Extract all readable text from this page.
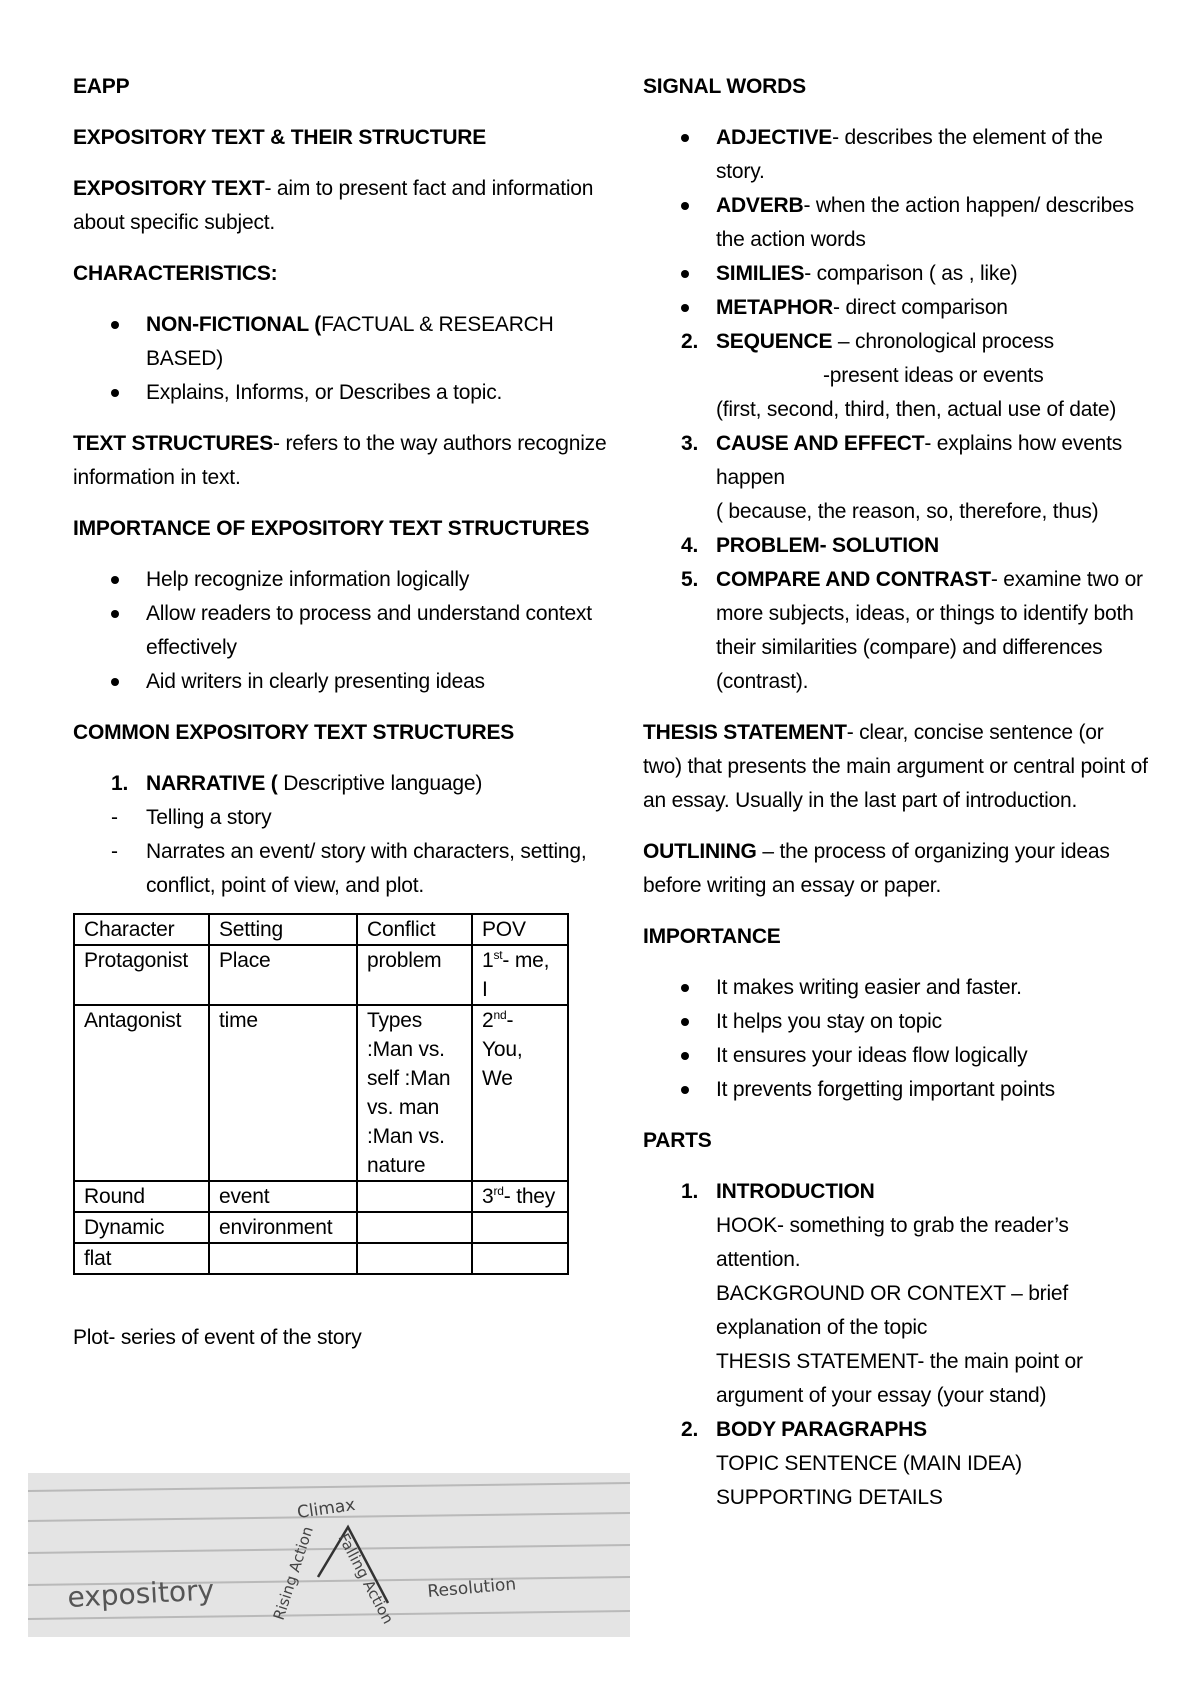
EAPP
EXPOSITORY TEXT & THEIR STRUCTURE
EXPOSITORY TEXT- aim to present fact and information about specific subject.
CHARACTERISTICS:
NON-FICTIONAL (FACTUAL & RESEARCH BASED)
Explains, Informs, or Describes a topic.
TEXT STRUCTURES- refers to the way authors recognize information in text.
IMPORTANCE OF EXPOSITORY TEXT STRUCTURES
Help recognize information logically
Allow readers to process and understand context effectively
Aid writers in clearly presenting ideas
COMMON EXPOSITORY TEXT STRUCTURES
1. NARRATIVE ( Descriptive language)
- Telling a story
- Narrates an event/ story with characters, setting, conflict, point of view, and plot.
Character	Setting	Conflict	POV
Protagonist	Place	problem	1st- me, I
Antagonist	time	Types :Man vs. self :Man vs. man :Man vs. nature	2nd- You, We
Round	event		3rd- they
Dynamic	environment		
flat			
Plot- series of event of the story
Climax
Rising Action Falling Action Resolution
expository
SIGNAL WORDS
ADJECTIVE- describes the element of the story.
ADVERB- when the action happen/ describes the action words
SIMILIES- comparison ( as , like)
METAPHOR- direct comparison
2. SEQUENCE – chronological process
-present ideas or events
(first, second, third, then, actual use of date)
3. CAUSE AND EFFECT- explains how events happen
( because, the reason, so, therefore, thus)
4. PROBLEM- SOLUTION
5. COMPARE AND CONTRAST- examine two or more subjects, ideas, or things to identify both their similarities (compare) and differences (contrast).
THESIS STATEMENT- clear, concise sentence (or two) that presents the main argument or central point of an essay. Usually in the last part of introduction.
OUTLINING – the process of organizing your ideas before writing an essay or paper.
IMPORTANCE
It makes writing easier and faster.
It helps you stay on topic
It ensures your ideas flow logically
It prevents forgetting important points
PARTS
1. INTRODUCTION
HOOK- something to grab the reader’s attention.
BACKGROUND OR CONTEXT – brief explanation of the topic
THESIS STATEMENT- the main point or argument of your essay (your stand)
2. BODY PARAGRAPHS
TOPIC SENTENCE (MAIN IDEA)
SUPPORTING DETAILS
